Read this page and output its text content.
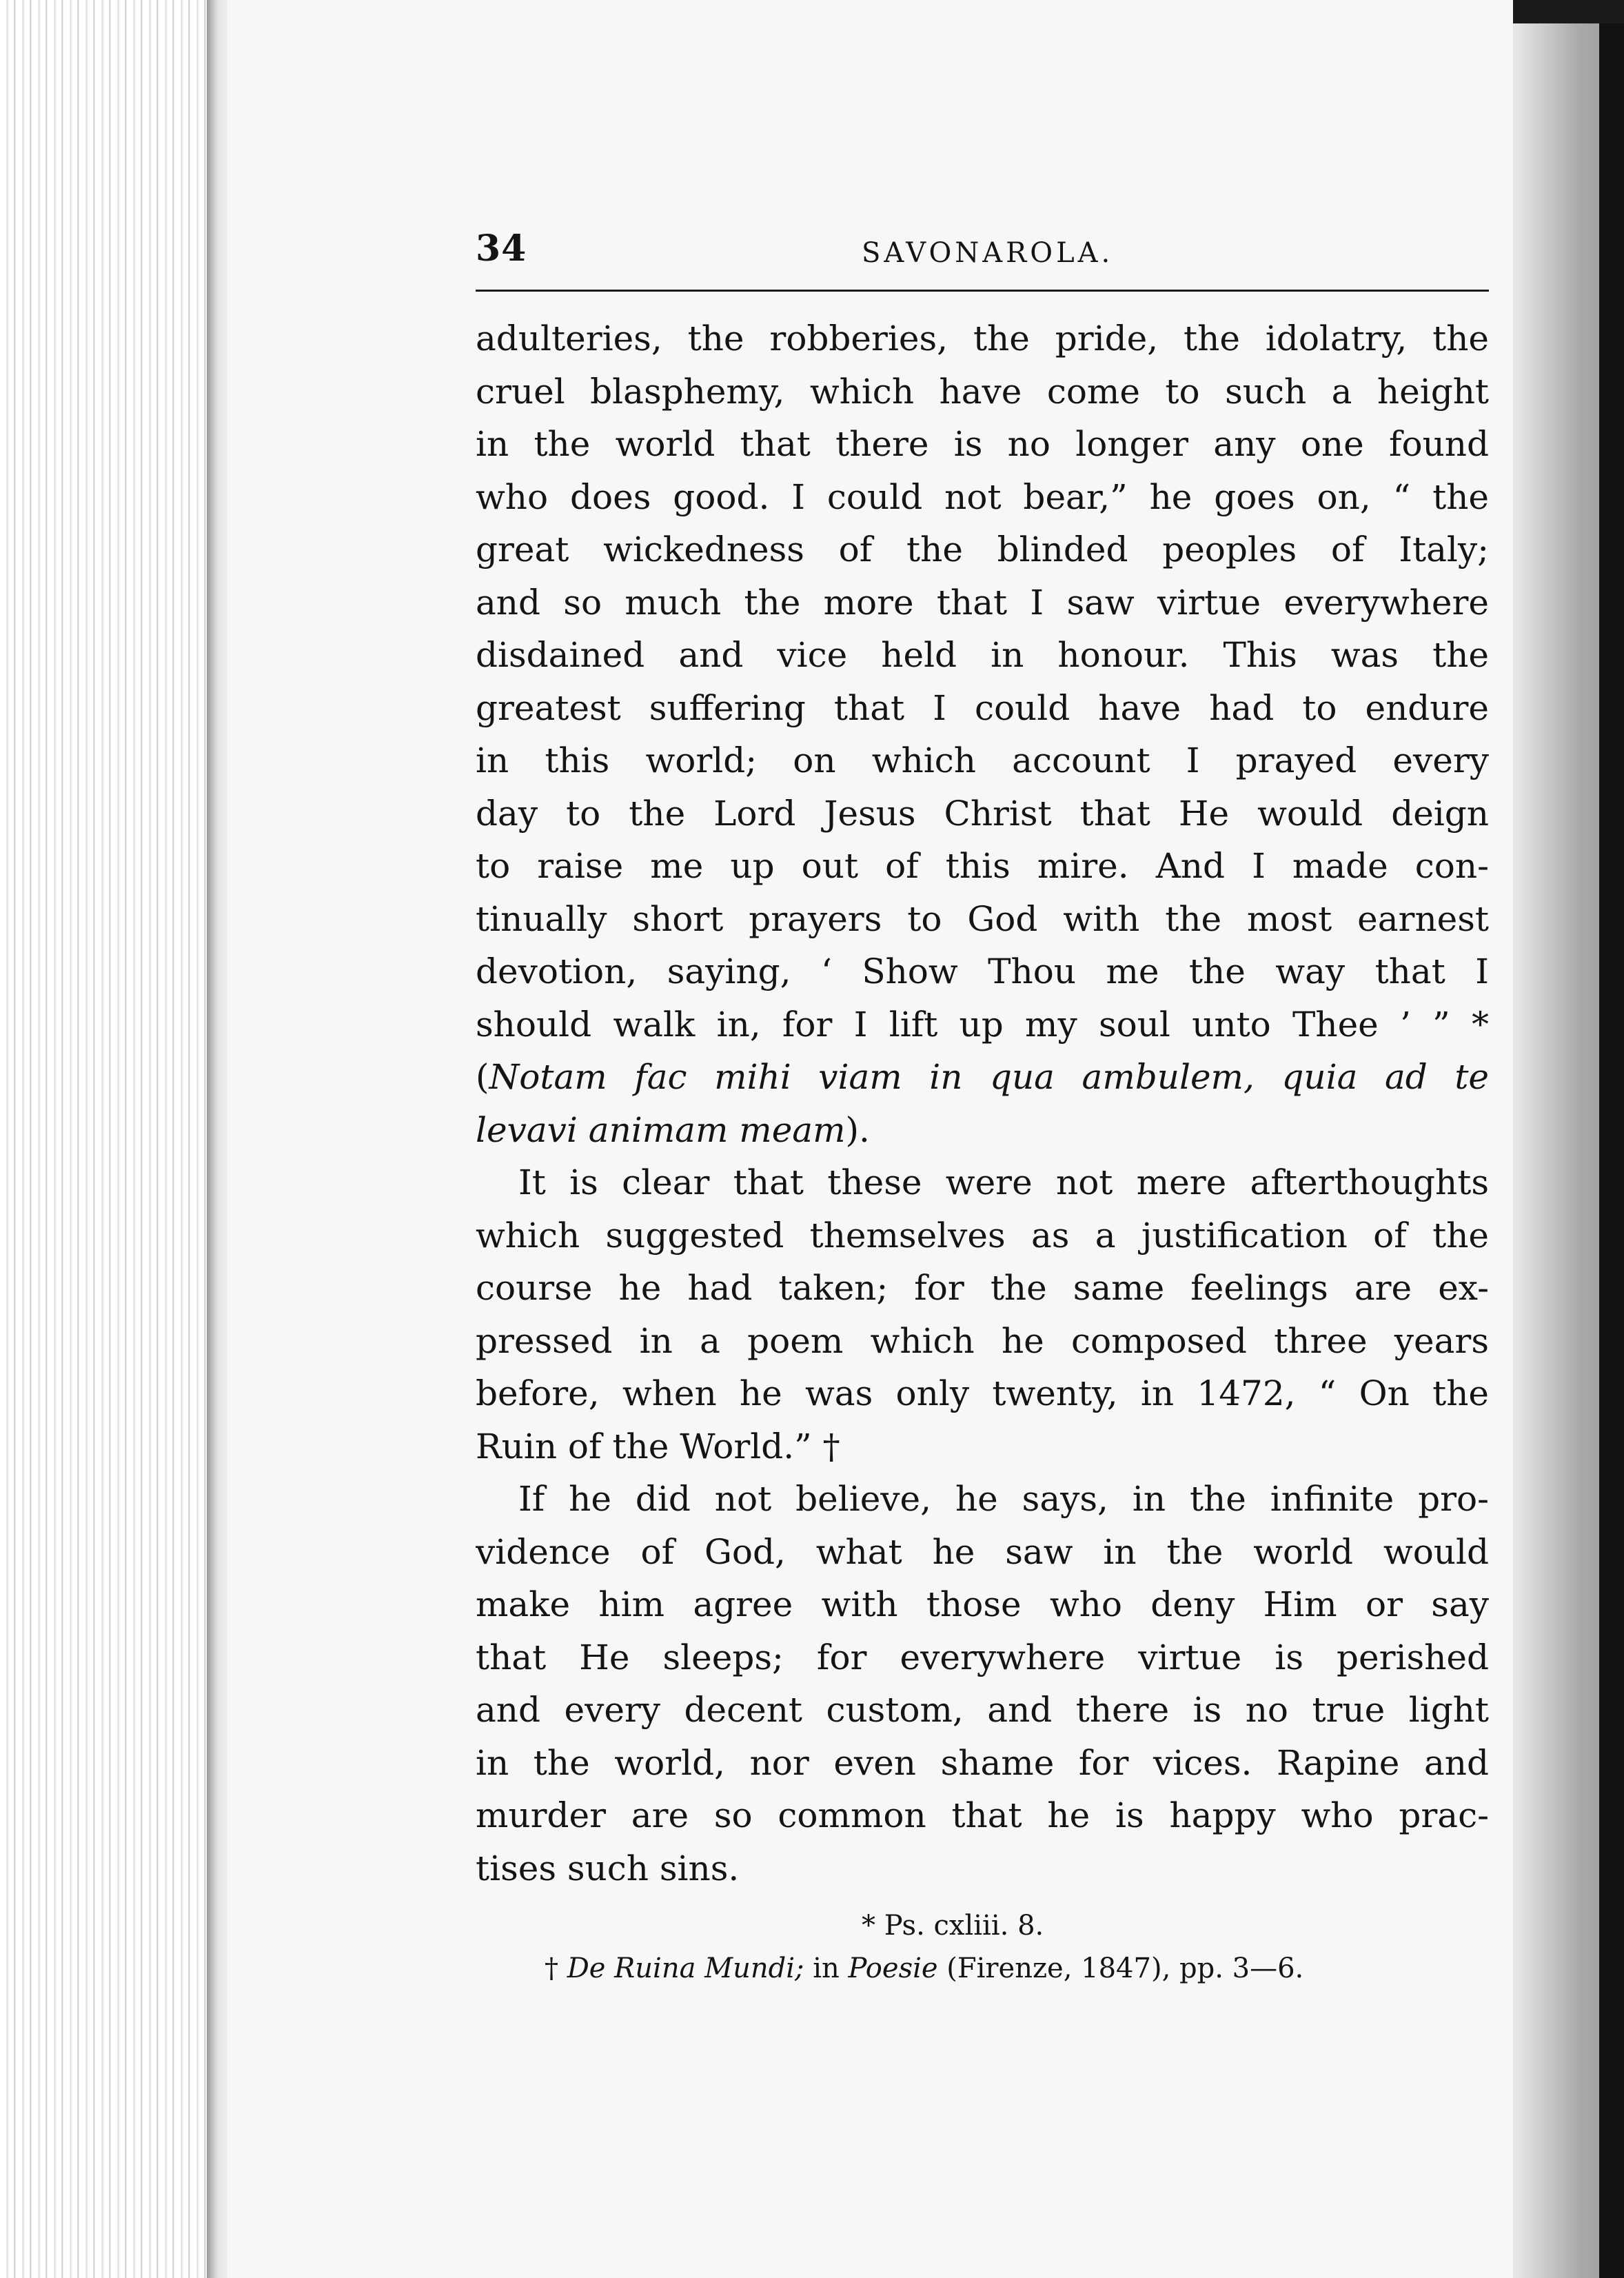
34	SAVONAROLA.
adulteries, the robberies, the pride, the idolatry, the
cruel blasphemy, which have come to such a height
in the world that there is no longer any one found
who does good. I could not bear,” he goes on, “ the
great wickedness of the blinded peoples of Italy;
and so much the more that I saw virtue everywhere
disdained and vice held in honour. This was the
greatest suffering that I could have had to endure
in this world; on which account I prayed every
day to the Lord Jesus Christ that He would deign
to raise me up out of this mire. And I made con-
tinually short prayers to God with the most earnest
devotion, saying, ‘ Show Thou me the way that I
should walk in, for I lift up my soul unto Thee ’ ” *
(Notam fac mihi viam in qua ambulem, quia ad te
levavi animam meam).
It is clear that these were not mere afterthoughts
which suggested themselves as a justification of the
course he had taken; for the same feelings are ex-
pressed in a poem which he composed three years
before, when he was only twenty, in 1472, “ On the
Ruin of the World.” †
If he did not believe, he says, in the infinite pro-
vidence of God, what he saw in the world would
make him agree with those who deny Him or say
that He sleeps; for everywhere virtue is perished
and every decent custom, and there is no true light
in the world, nor even shame for vices. Rapine and
murder are so common that he is happy who prac-
tises such sins.
* Ps. cxliii. 8.
† De Ruina Mundi; in Poesie (Firenze, 1847), pp. 3—6.
